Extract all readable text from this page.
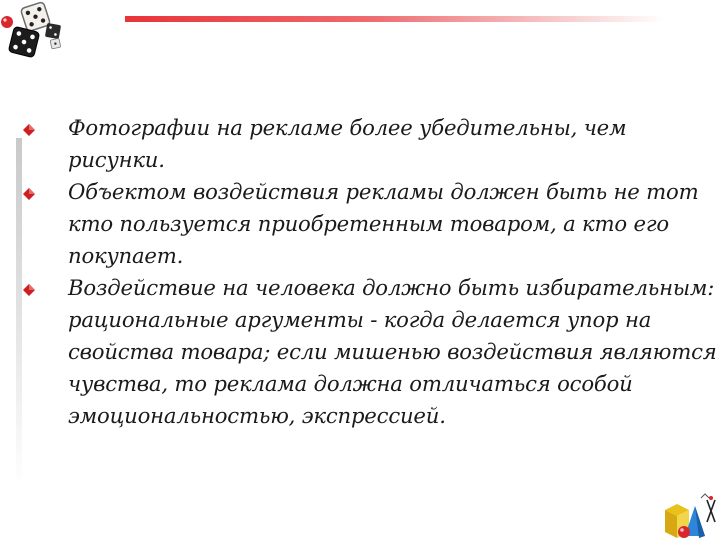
Фотографии на рекламе более убедительны, чем рисунки.
Объектом воздействия рекламы должен быть не тот кто пользуется приобретенным товаром, а кто его покупает.
Воздействие на человека должно быть избирательным: рациональные аргументы - когда делается упор на свойства товара; если мишенью воздействия являются чувства, то реклама должна отличаться особой эмоциональностью, экспрессией.
